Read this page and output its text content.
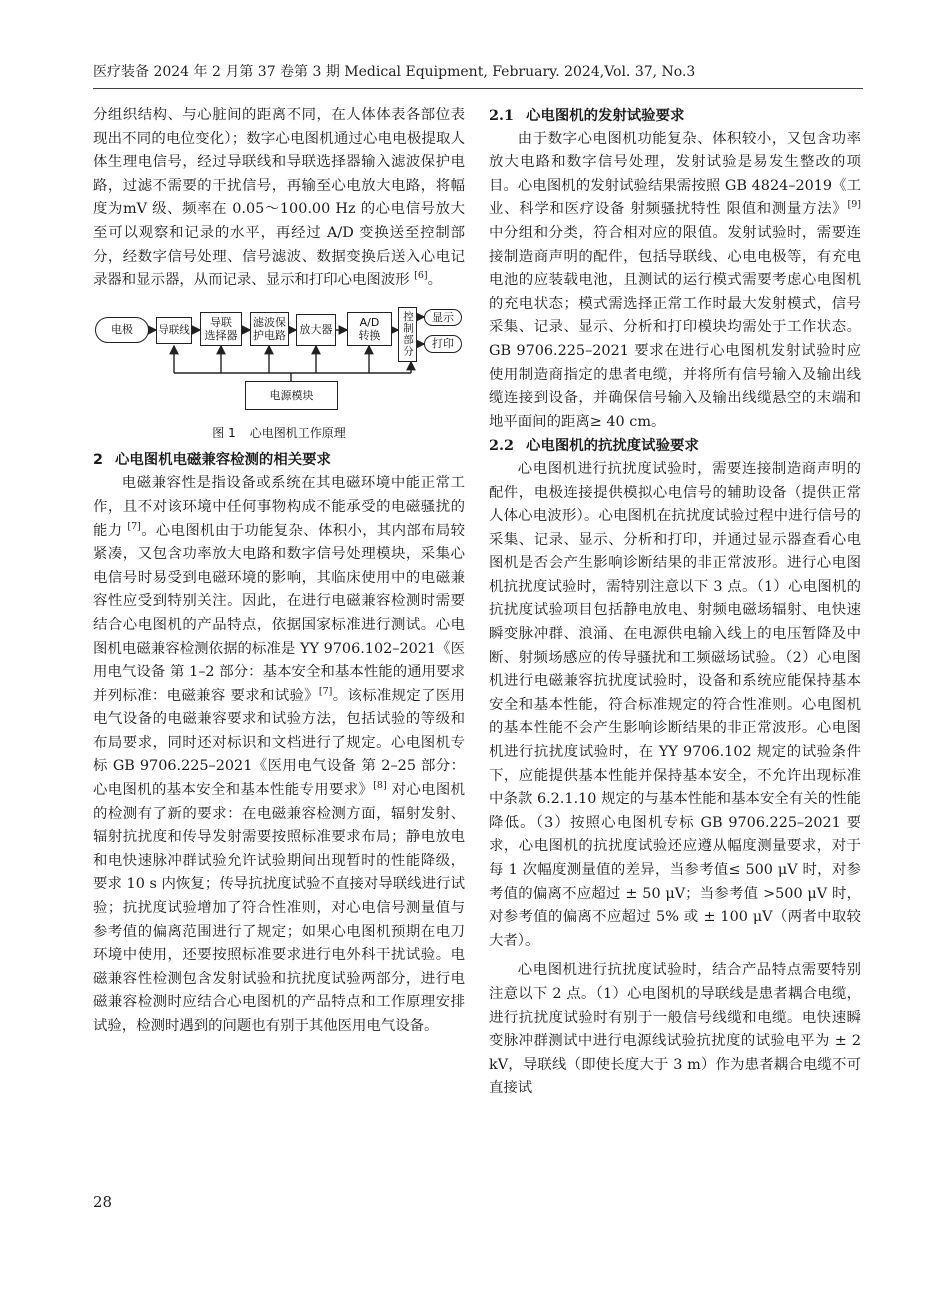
医疗装备 2024 年 2 月第 37 卷第 3 期 Medical Equipment, February. 2024,Vol. 37, No.3

分组织结构、与心脏间的距离不同，在人体体表各部位表现出不同的电位变化）；数字心电图机通过心电电极提取人体生理电信号，经过导联线和导联选择器输入滤波保护电路，过滤不需要的干扰信号，再输至心电放大电路，将幅度为mV 级、频率在 0.05～100.00 Hz 的心电信号放大至可以观察和记录的水平，再经过 A/D 变换送至控制部分，经数字信号处理、信号滤波、数据变换后送入心电记录器和显示器，从而记录、显示和打印心电图波形 [6]。

电极 导联线
导联
选择器
滤波保
护电路 放大器
A/D
转换 控制部分 显示
打印
电源模块
图 1 心电图机工作原理
2 心电图机电磁兼容检测的相关要求

电磁兼容性是指设备或系统在其电磁环境中能正常工作，且不对该环境中任何事物构成不能承受的电磁骚扰的能力 [7]。心电图机由于功能复杂、体积小，其内部布局较紧凑，又包含功率放大电路和数字信号处理模块，采集心电信号时易受到电磁环境的影响，其临床使用中的电磁兼容性应受到特别关注。因此，在进行电磁兼容检测时需要结合心电图机的产品特点，依据国家标准进行测试。心电图机电磁兼容检测依据的标准是 YY 9706.102–2021《医用电气设备 第 1–2 部分：基本安全和基本性能的通用要求 并列标准：电磁兼容 要求和试验》[7]。该标准规定了医用电气设备的电磁兼容要求和试验方法，包括试验的等级和布局要求，同时还对标识和文档进行了规定。心电图机专标 GB 9706.225–2021《医用电气设备 第 2–25 部分：心电图机的基本安全和基本性能专用要求》[8] 对心电图机的检测有了新的要求：在电磁兼容检测方面，辐射发射、辐射抗扰度和传导发射需要按照标准要求布局；静电放电和电快速脉冲群试验允许试验期间出现暂时的性能降级，要求 10 s 内恢复；传导抗扰度试验不直接对导联线进行试验；抗扰度试验增加了符合性准则，对心电信号测量值与参考值的偏离范围进行了规定；如果心电图机预期在电刀环境中使用，还要按照标准要求进行电外科干扰试验。电磁兼容性检测包含发射试验和抗扰度试验两部分，进行电磁兼容检测时应结合心电图机的产品特点和工作原理安排试验，检测时遇到的问题也有别于其他医用电气设备。

2.1 心电图机的发射试验要求

由于数字心电图机功能复杂、体积较小，又包含功率放大电路和数字信号处理，发射试验是易发生整改的项目。心电图机的发射试验结果需按照 GB 4824–2019《工业、科学和医疗设备 射频骚扰特性 限值和测量方法》[9] 中分组和分类，符合相对应的限值。发射试验时，需要连接制造商声明的配件，包括导联线、心电电极等，有充电电池的应装载电池，且测试的运行模式需要考虑心电图机的充电状态；模式需选择正常工作时最大发射模式，信号采集、记录、显示、分析和打印模块均需处于工作状态。GB 9706.225–2021 要求在进行心电图机发射试验时应使用制造商指定的患者电缆，并将所有信号输入及输出线缆连接到设备，并确保信号输入及输出线缆悬空的末端和地平面间的距离≥ 40 cm。

2.2 心电图机的抗扰度试验要求

心电图机进行抗扰度试验时，需要连接制造商声明的配件，电极连接提供模拟心电信号的辅助设备（提供正常人体心电波形）。心电图机在抗扰度试验过程中进行信号的采集、记录、显示、分析和打印，并通过显示器查看心电图机是否会产生影响诊断结果的非正常波形。进行心电图机抗扰度试验时，需特别注意以下 3 点。（1）心电图机的抗扰度试验项目包括静电放电、射频电磁场辐射、电快速瞬变脉冲群、浪涌、在电源供电输入线上的电压暂降及中断、射频场感应的传导骚扰和工频磁场试验。（2）心电图机进行电磁兼容抗扰度试验时，设备和系统应能保持基本安全和基本性能，符合标准规定的符合性准则。心电图机的基本性能不会产生影响诊断结果的非正常波形。心电图机进行抗扰度试验时，在 YY 9706.102 规定的试验条件下，应能提供基本性能并保持基本安全，不允许出现标准中条款 6.2.1.10 规定的与基本性能和基本安全有关的性能降低。（3）按照心电图机专标 GB 9706.225–2021 要求，心电图机的抗扰度试验还应遵从幅度测量要求，对于每 1 次幅度测量值的差异，当参考值≤ 500 μV 时，对参考值的偏离不应超过 ± 50 μV；当参考值 >500 μV 时，对参考值的偏离不应超过 5% 或 ± 100 μV（两者中取较大者）。

心电图机进行抗扰度试验时，结合产品特点需要特别注意以下 2 点。（1）心电图机的导联线是患者耦合电缆，进行抗扰度试验时有别于一般信号线缆和电缆。电快速瞬变脉冲群测试中进行电源线试验抗扰度的试验电平为 ± 2 kV，导联线（即使长度大于 3 m）作为患者耦合电缆不可直接试

28
